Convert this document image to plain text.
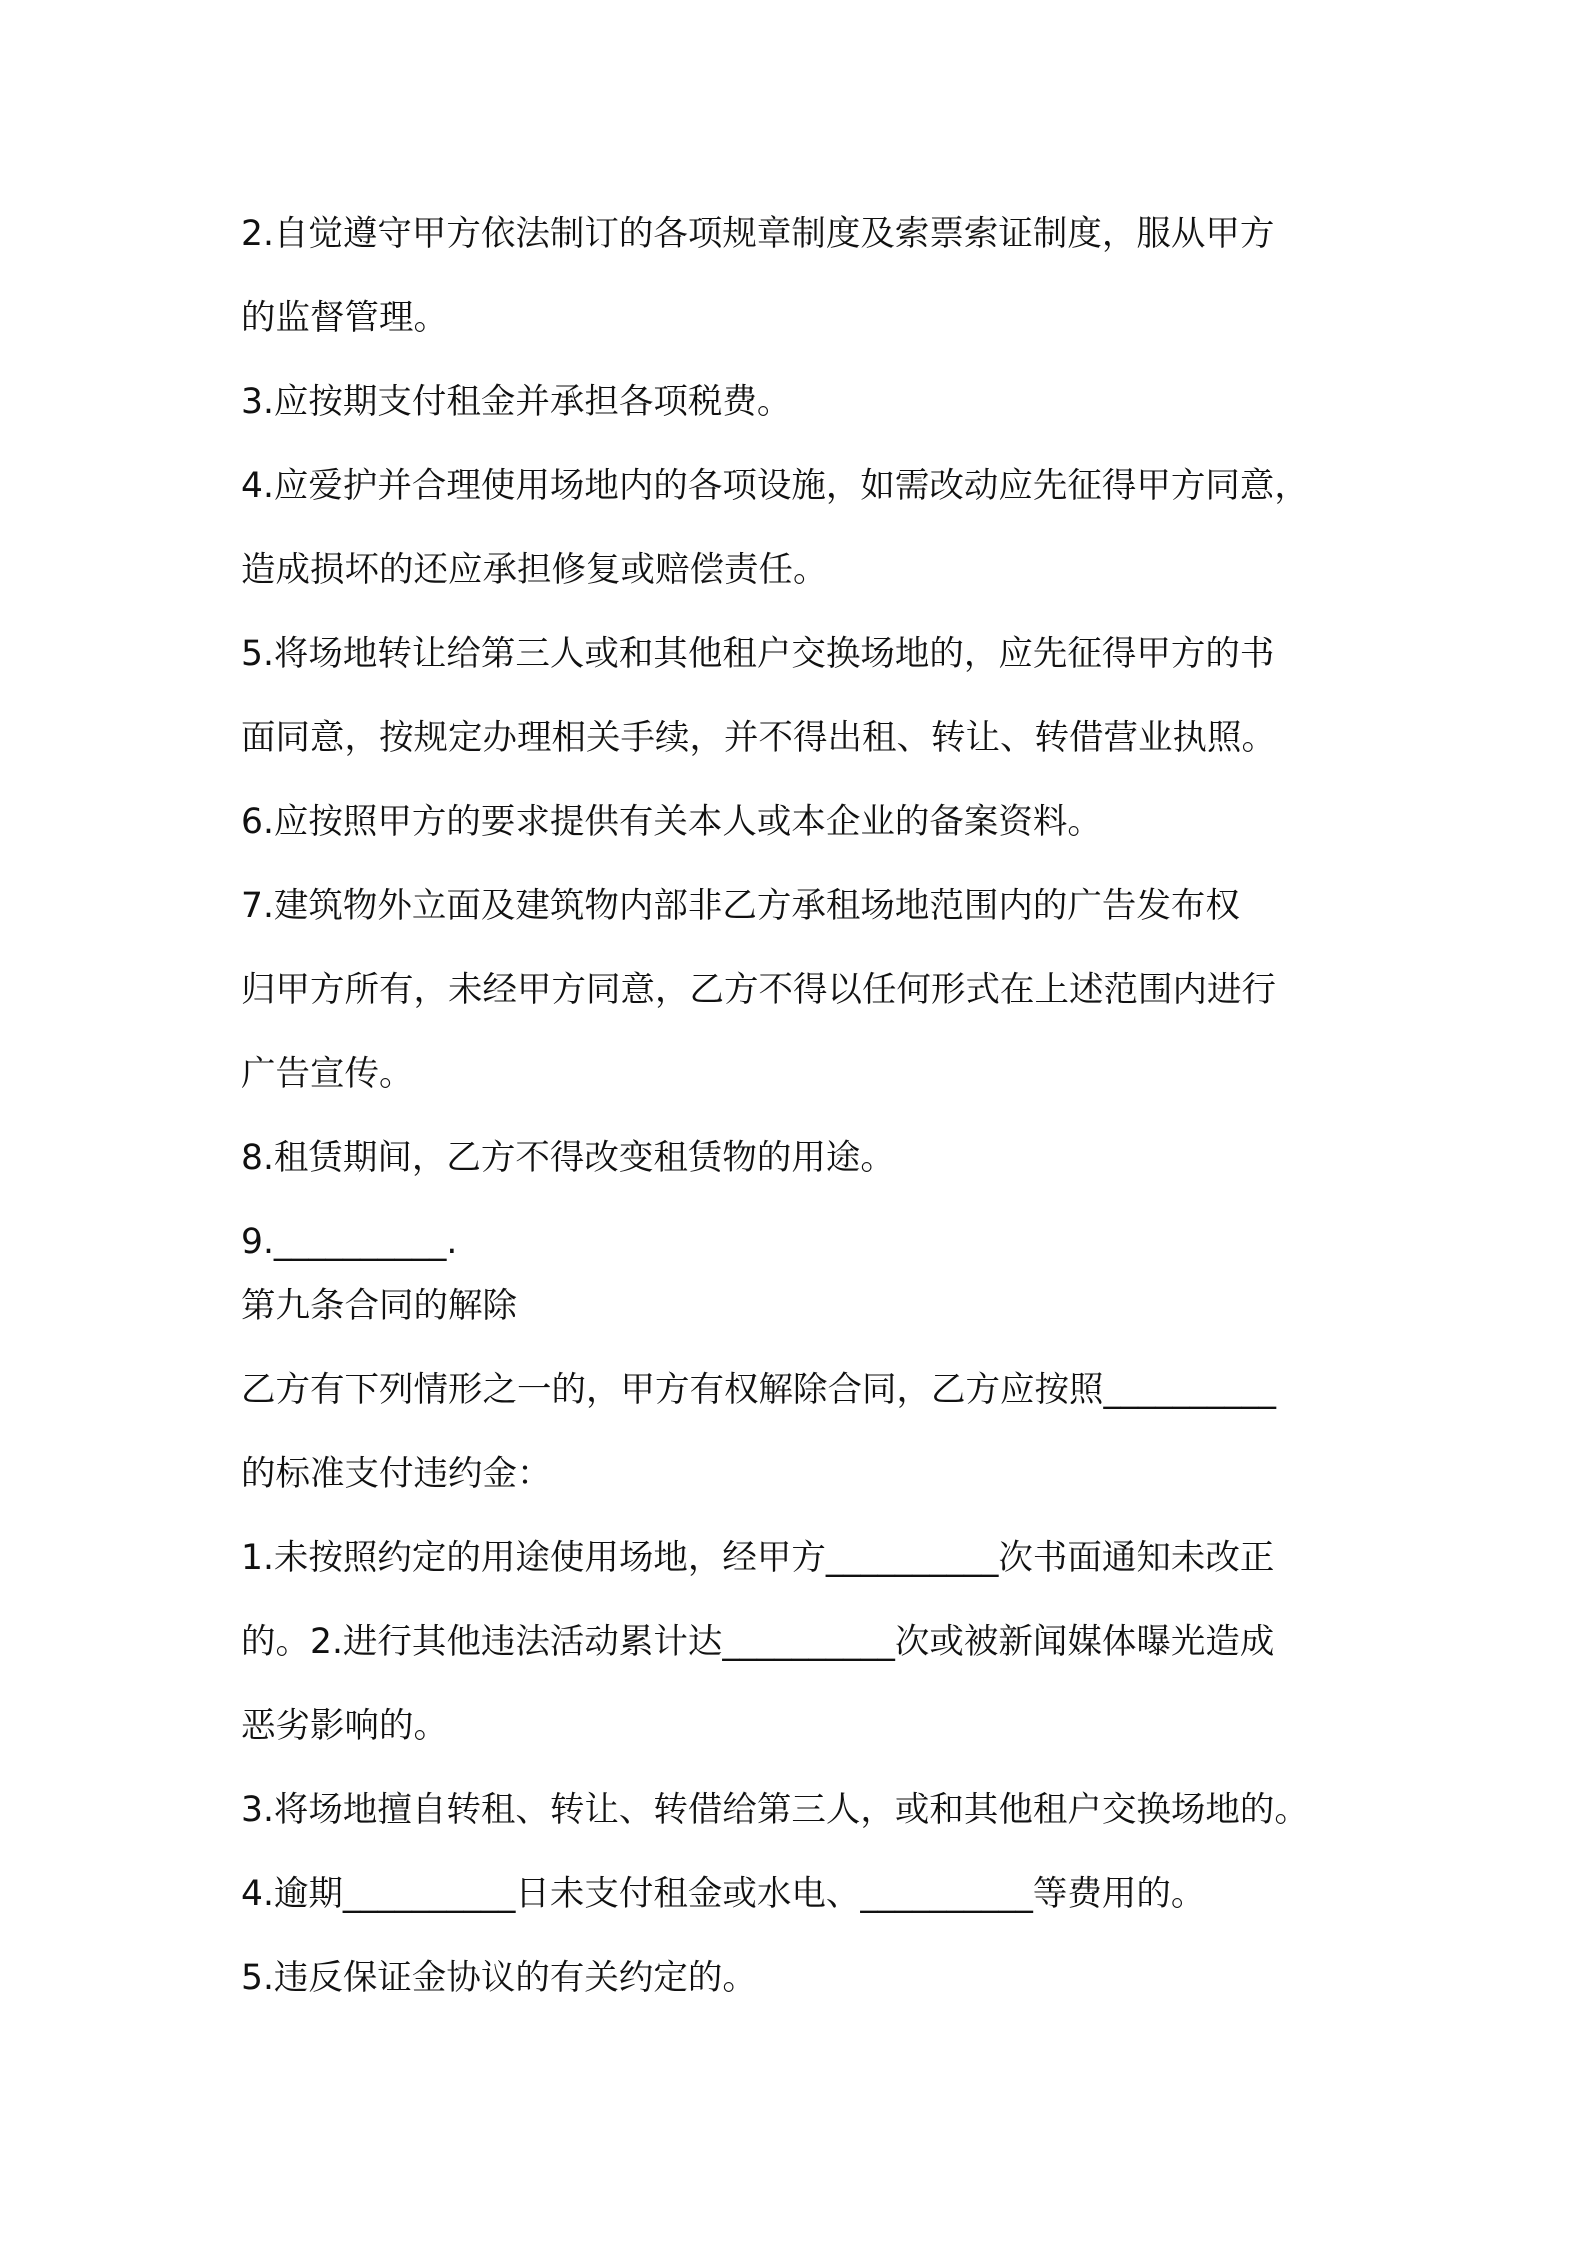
2.自觉遵守甲方依法制订的各项规章制度及索票索证制度，服从甲方
的监督管理。
3.应按期支付租金并承担各项税费。
4.应爱护并合理使用场地内的各项设施，如需改动应先征得甲方同意，
造成损坏的还应承担修复或赔偿责任。
5.将场地转让给第三人或和其他租户交换场地的，应先征得甲方的书
面同意，按规定办理相关手续，并不得出租、转让、转借营业执照。
6.应按照甲方的要求提供有关本人或本企业的备案资料。
7.建筑物外立面及建筑物内部非乙方承租场地范围内的广告发布权
归甲方所有，未经甲方同意，乙方不得以任何形式在上述范围内进行
广告宣传。
8.租赁期间，乙方不得改变租赁物的用途。
9.__________.
第九条合同的解除
乙方有下列情形之一的，甲方有权解除合同，乙方应按照__________
的标准支付违约金：
1.未按照约定的用途使用场地，经甲方__________次书面通知未改正
的。2.进行其他违法活动累计达__________次或被新闻媒体曝光造成
恶劣影响的。
3.将场地擅自转租、转让、转借给第三人，或和其他租户交换场地的。
4.逾期__________日未支付租金或水电、__________等费用的。
5.违反保证金协议的有关约定的。
